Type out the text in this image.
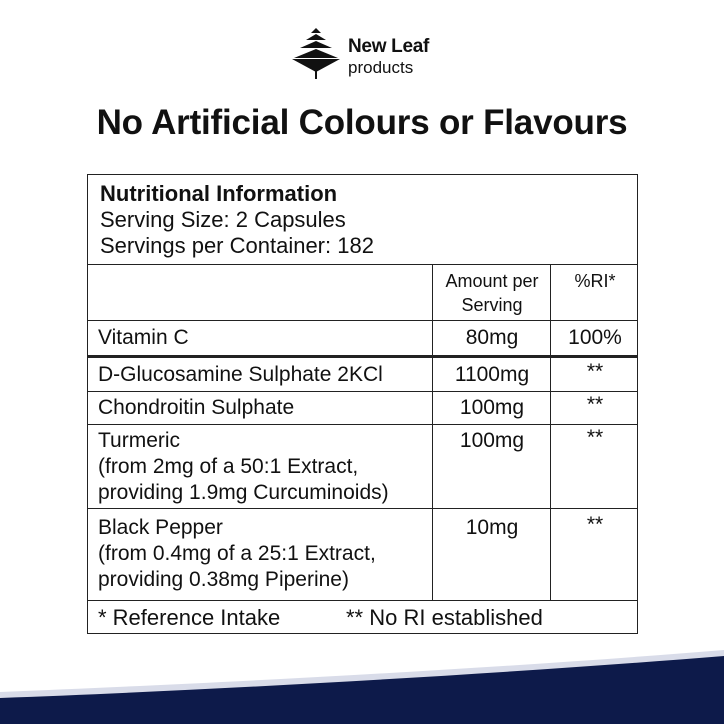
New Leaf
products
No Artificial Colours or Flavours
Nutritional Information
Serving Size: 2 Capsules
Servings per Container: 182
Amount per
Serving
%RI*
Vitamin C	80mg	100%
D-Glucosamine Sulphate 2KCl	1100mg	**
Chondroitin Sulphate	100mg	**
Turmeric
(from 2mg of a 50:1 Extract,
providing 1.9mg Curcuminoids)
100mg	**
Black Pepper
(from 0.4mg of a 25:1 Extract,
providing 0.38mg Piperine)
10mg	**
* Reference Intake	** No RI established
